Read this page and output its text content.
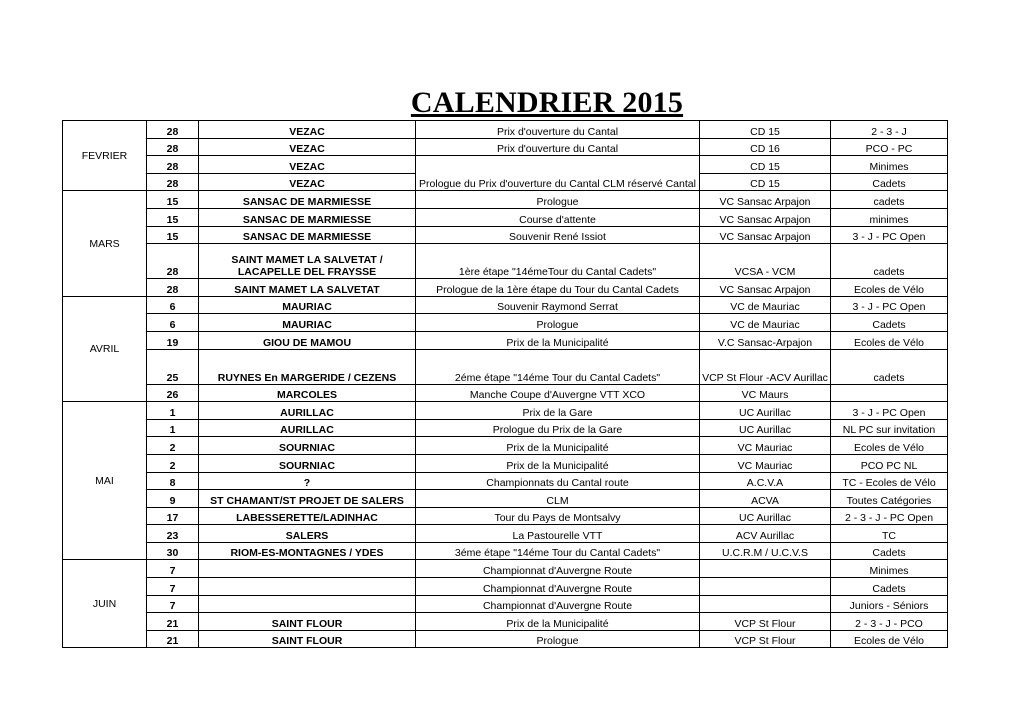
CALENDRIER 2015
FEVRIER	28	VEZAC	Prix d'ouverture du Cantal	CD 15	2 - 3 - J
	28	VEZAC	Prix d'ouverture du Cantal	CD 16	PCO - PC
	28	VEZAC	Prologue du Prix d'ouverture du Cantal CLM réservé Cantal	CD 15	Minimes
	28	VEZAC		CD 15	Cadets
MARS	15	SANSAC DE MARMIESSE	Prologue	VC Sansac Arpajon	cadets
	15	SANSAC DE MARMIESSE	Course d'attente	VC Sansac Arpajon	minimes
	15	SANSAC DE MARMIESSE	Souvenir René Issiot	VC Sansac Arpajon	3 - J - PC Open
	28	SAINT MAMET LA SALVETAT / LACAPELLE DEL FRAYSSE	1ère étape "14émeTour du Cantal Cadets"	VCSA - VCM	cadets
	28	SAINT MAMET LA SALVETAT	Prologue de la 1ère étape du Tour du Cantal Cadets	VC Sansac Arpajon	Ecoles de Vélo
AVRIL	6	MAURIAC	Souvenir Raymond Serrat	VC de Mauriac	3 - J - PC Open
	6	MAURIAC	Prologue	VC de Mauriac	Cadets
	19	GIOU DE MAMOU	Prix de la Municipalité	V.C Sansac-Arpajon	Ecoles de Vélo
	25	RUYNES En MARGERIDE / CEZENS	2éme étape "14éme Tour du Cantal Cadets"	VCP St Flour -ACV Aurillac	cadets
	26	MARCOLES	Manche Coupe d'Auvergne VTT XCO	VC Maurs	
MAI	1	AURILLAC	Prix de la Gare	UC Aurillac	3 - J - PC Open
	1	AURILLAC	Prologue du Prix de la Gare	UC Aurillac	NL PC sur invitation
	2	SOURNIAC	Prix de la Municipalité	VC Mauriac	Ecoles de Vélo
	2	SOURNIAC	Prix de la Municipalité	VC Mauriac	PCO PC NL
	8	?	Championnats du Cantal route	A.C.V.A	TC - Ecoles de Vélo
	9	ST CHAMANT/ST PROJET DE SALERS	CLM	ACVA	Toutes Catégories
	17	LABESSERETTE/LADINHAC	Tour du Pays de Montsalvy	UC Aurillac	2 - 3 - J - PC Open
	23	SALERS	La Pastourelle VTT	ACV Aurillac	TC
	30	RIOM-ES-MONTAGNES / YDES	3éme étape "14éme Tour du Cantal Cadets"	U.C.R.M / U.C.V.S	Cadets
JUIN	7		Championnat d'Auvergne Route		Minimes
	7		Championnat d'Auvergne Route		Cadets
	7		Championnat d'Auvergne Route		Juniors - Séniors
	21	SAINT FLOUR	Prix de la Municipalité	VCP St Flour	2 - 3 - J - PCO
	21	SAINT FLOUR	Prologue	VCP St Flour	Ecoles de Vélo
